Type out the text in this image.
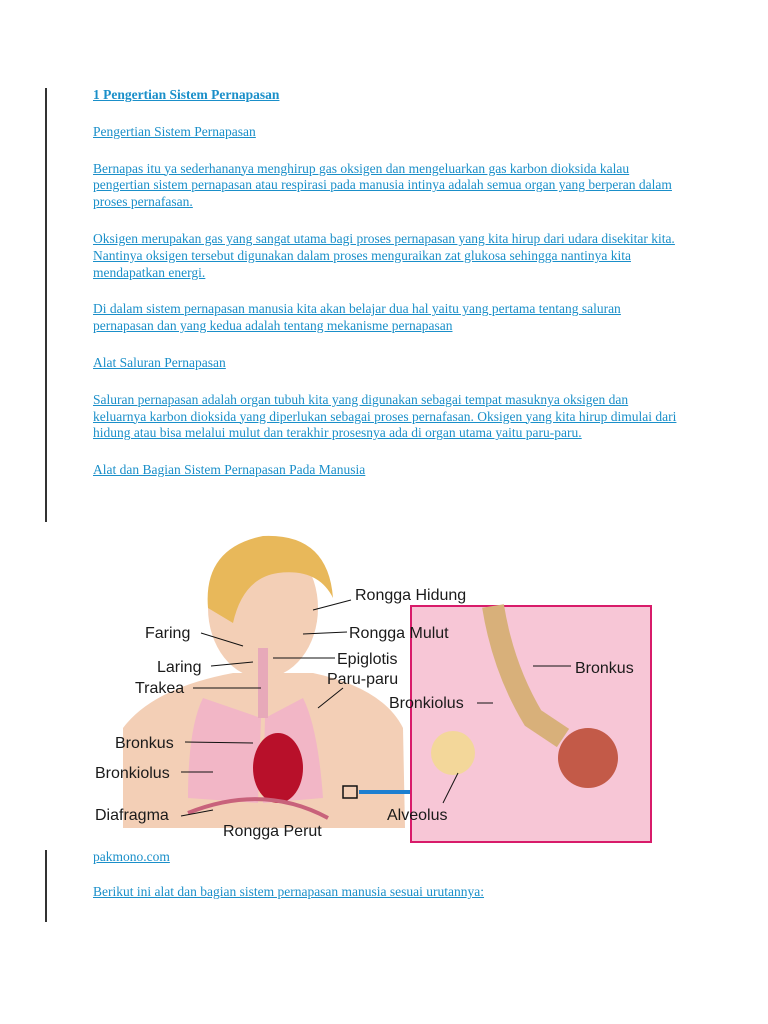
1 Pengertian Sistem Pernapasan

Pengertian Sistem Pernapasan

Bernapas itu ya sederhananya menghirup gas oksigen dan mengeluarkan gas karbon dioksida kalau pengertian sistem pernapasan atau respirasi pada manusia intinya adalah semua organ yang berperan dalam proses pernafasan.

Oksigen merupakan gas yang sangat utama bagi proses pernapasan yang kita hirup dari udara disekitar kita. Nantinya oksigen tersebut digunakan dalam proses menguraikan zat glukosa sehingga nantinya kita mendapatkan energi.

Di dalam sistem pernapasan manusia kita akan belajar dua hal yaitu yang pertama tentang saluran pernapasan dan yang kedua adalah tentang mekanisme pernapasan

Alat Saluran Pernapasan

Saluran pernapasan adalah organ tubuh kita yang digunakan sebagai tempat masuknya oksigen dan keluarnya karbon dioksida yang diperlukan sebagai proses pernafasan. Oksigen yang kita hirup dimulai dari hidung atau bisa melalui mulut dan terakhir prosesnya ada di organ utama yaitu paru-paru.

Alat dan Bagian Sistem Pernapasan Pada Manusia

Rongga Hidung
Faring	Rongga Mulut
Laring	Epiglotis
Trakea
Paru-paru
Bronkus
Bronkiolus
Diafragma
Rongga Perut
Bronkus
Bronkiolus
Alveolus
pakmono.com
Berikut ini alat dan bagian sistem pernapasan manusia sesuai urutannya:
